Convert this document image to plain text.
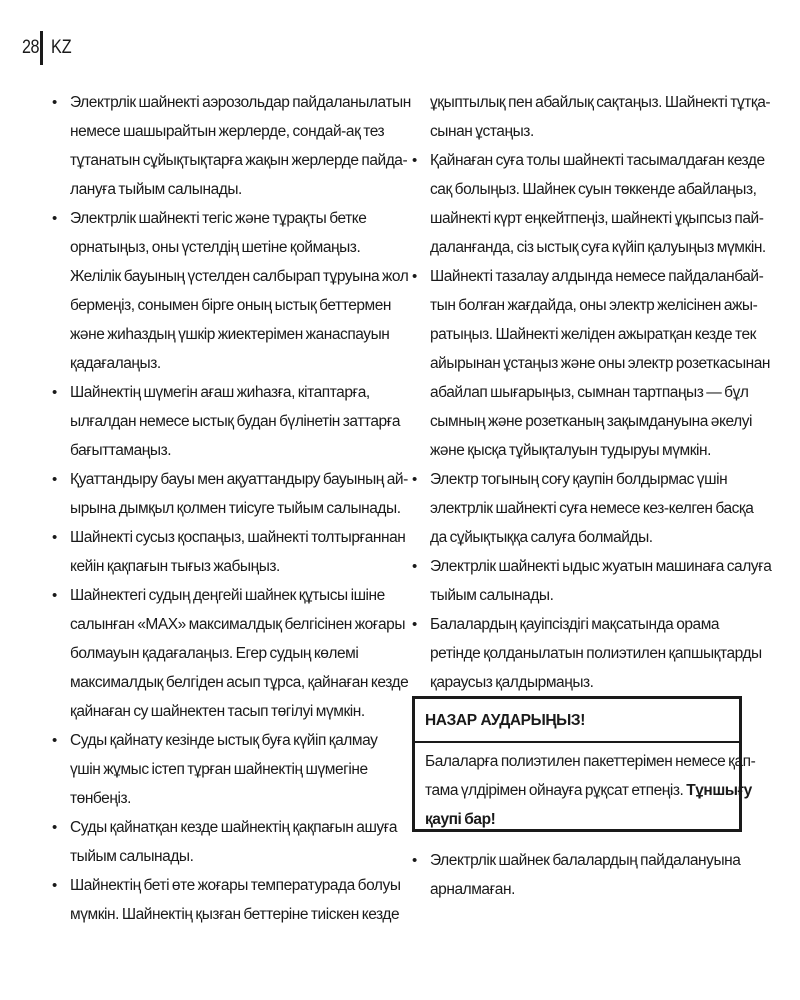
28 KZ
• Электрлік шайнекті аэрозольдар пайдаланылатын
немесе шашырайтын жерлерде, сондай-ақ тез
тұтанатын сұйықтықтарға жақын жерлерде пайда-
лануға тыйым салынады.
• Электрлік шайнекті тегіс және тұрақты бетке
орнатыңыз, оны үстелдің шетіне қоймаңыз.
Желілік бауының үстелден салбырап тұруына жол
бермеңіз, сонымен бірге оның ыстық беттермен
және жиһаздың үшкір жиектерімен жанаспауын
қадағалаңыз.
• Шайнектің шүмегін ағаш жиһазға, кітаптарға,
ылғалдан немесе ыстық будан бүлінетін заттарға
бағыттамаңыз.
• Қуаттандыру бауы мен ақуаттандыру бауының ай-
ырына дымқыл қолмен тиісуге тыйым салынады.
• Шайнекті сусыз қоспаңыз, шайнекті толтырғаннан
кейін қақпағын тығыз жабыңыз.
• Шайнектегі судың деңгейі шайнек құтысы ішіне
салынған «MAX» максималдық белгісінен жоғары
болмауын қадағалаңыз. Егер судың көлемі
максималдық белгіден асып тұрса, қайнаған кезде
қайнаған су шайнектен тасып төгілуі мүмкін.
• Суды қайнату кезінде ыстық буға күйіп қалмау
үшін жұмыс істеп тұрған шайнектің шүмегіне
төнбеңіз.
• Суды қайнатқан кезде шайнектің қақпағын ашуға
тыйым салынады.
• Шайнектің беті өте жоғары температурада болуы
мүмкін. Шайнектің қызған беттеріне тиіскен кезде
ұқыптылық пен абайлық сақтаңыз. Шайнекті тұтқа-
сынан ұстаңыз.
• Қайнаған суға толы шайнекті тасымалдаған кезде
сақ болыңыз. Шайнек суын төккенде абайлаңыз,
шайнекті күрт еңкейтпеңіз, шайнекті ұқыпсыз пай-
даланғанда, сіз ыстық суға күйіп қалуыңыз мүмкін.
• Шайнекті тазалау алдында немесе пайдаланбай-
тын болған жағдайда, оны электр желісінен ажы-
ратыңыз. Шайнекті желіден ажыратқан кезде тек
айырынан ұстаңыз және оны электр розеткасынан
абайлап шығарыңыз, сымнан тартпаңыз — бұл
сымның және розетканың зақымдануына әкелуі
және қысқа тұйықталуын тудыруы мүмкін.
• Электр тогының соғу қаупін болдырмас үшін
электрлік шайнекті суға немесе кез-келген басқа
да сұйықтыққа салуға болмайды.
• Электрлік шайнекті ыдыс жуатын машинаға салуға
тыйым салынады.
• Балалардың қауіпсіздігі мақсатында орама
ретінде қолданылатын полиэтилен қапшықтарды
қараусыз қалдырмаңыз.
НАЗАР АУДАРЫҢЫЗ!
Балаларға полиэтилен пакеттерімен немесе қап-
тама үлдірімен ойнауға рұқсат етпеңіз. Тұншығу
қаупі бар!
• Электрлік шайнек балалардың пайдалануына
арналмаған.
